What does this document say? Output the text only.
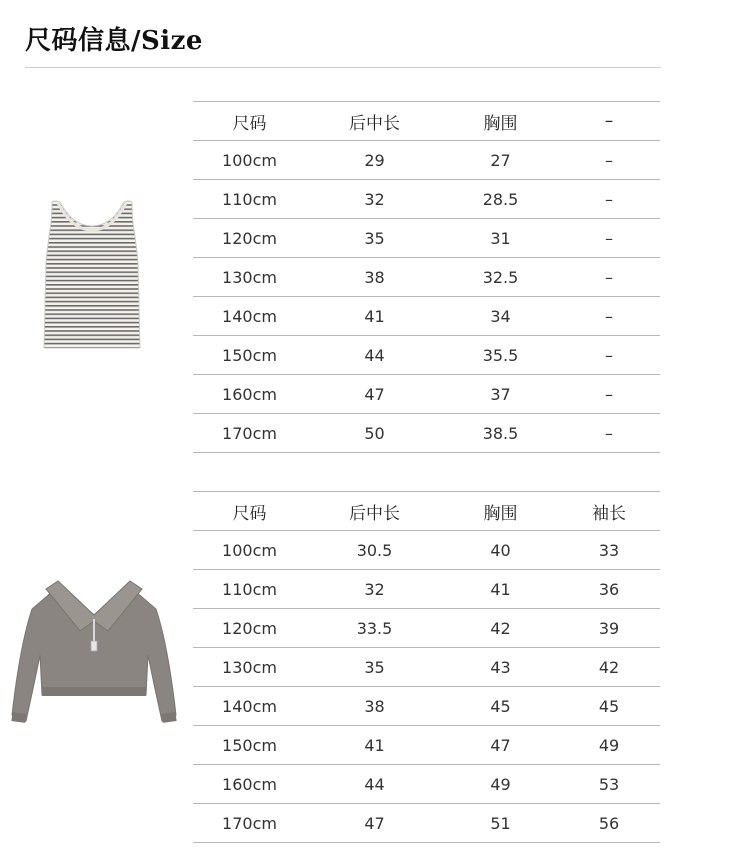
尺码信息/Size
尺码	后中长	胸围	–
100cm	29	27	–
110cm	32	28.5	–
120cm	35	31	–
130cm	38	32.5	–
140cm	41	34	–
150cm	44	35.5	–
160cm	47	37	–
170cm	50	38.5	–
尺码	后中长	胸围	袖长
100cm	30.5	40	33
110cm	32	41	36
120cm	33.5	42	39
130cm	35	43	42
140cm	38	45	45
150cm	41	47	49
160cm	44	49	53
170cm	47	51	56
